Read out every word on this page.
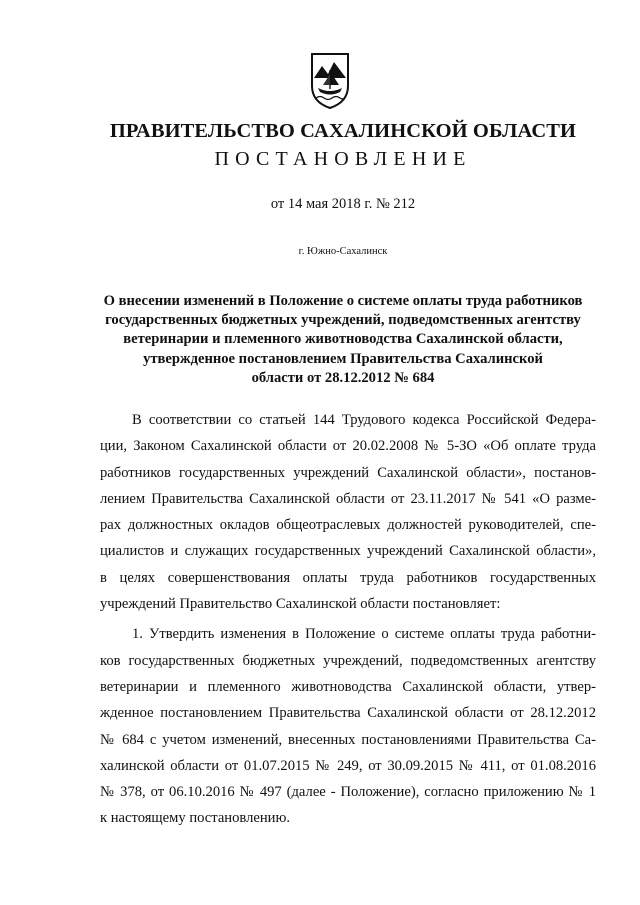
ПРАВИТЕЛЬСТВО САХАЛИНСКОЙ ОБЛАСТИ
ПОСТАНОВЛЕНИЕ
от 14 мая 2018 г. № 212
г. Южно-Сахалинск
О внесении изменений в Положение о системе оплаты труда работников
государственных бюджетных учреждений, подведомственных агентству
ветеринарии и племенного животноводства Сахалинской области,
утвержденное постановлением Правительства Сахалинской
области от 28.12.2012 № 684
В соответствии со статьей 144 Трудового кодекса Российской Федера-
ции, Законом Сахалинской области от 20.02.2008 № 5-ЗО «Об оплате труда
работников государственных учреждений Сахалинской области», постанов-
лением Правительства Сахалинской области от 23.11.2017 № 541 «О разме-
рах должностных окладов общеотраслевых должностей руководителей, спе-
циалистов и служащих государственных учреждений Сахалинской области»,
в целях совершенствования оплаты труда работников государственных
учреждений Правительство Сахалинской области постановляет:
1. Утвердить изменения в Положение о системе оплаты труда работни-
ков государственных бюджетных учреждений, подведомственных агентству
ветеринарии и племенного животноводства Сахалинской области, утвер-
жденное постановлением Правительства Сахалинской области от 28.12.2012
№ 684 с учетом изменений, внесенных постановлениями Правительства Са-
халинской области от 01.07.2015 № 249, от 30.09.2015 № 411, от 01.08.2016
№ 378, от 06.10.2016 № 497 (далее - Положение), согласно приложению № 1
к настоящему постановлению.
